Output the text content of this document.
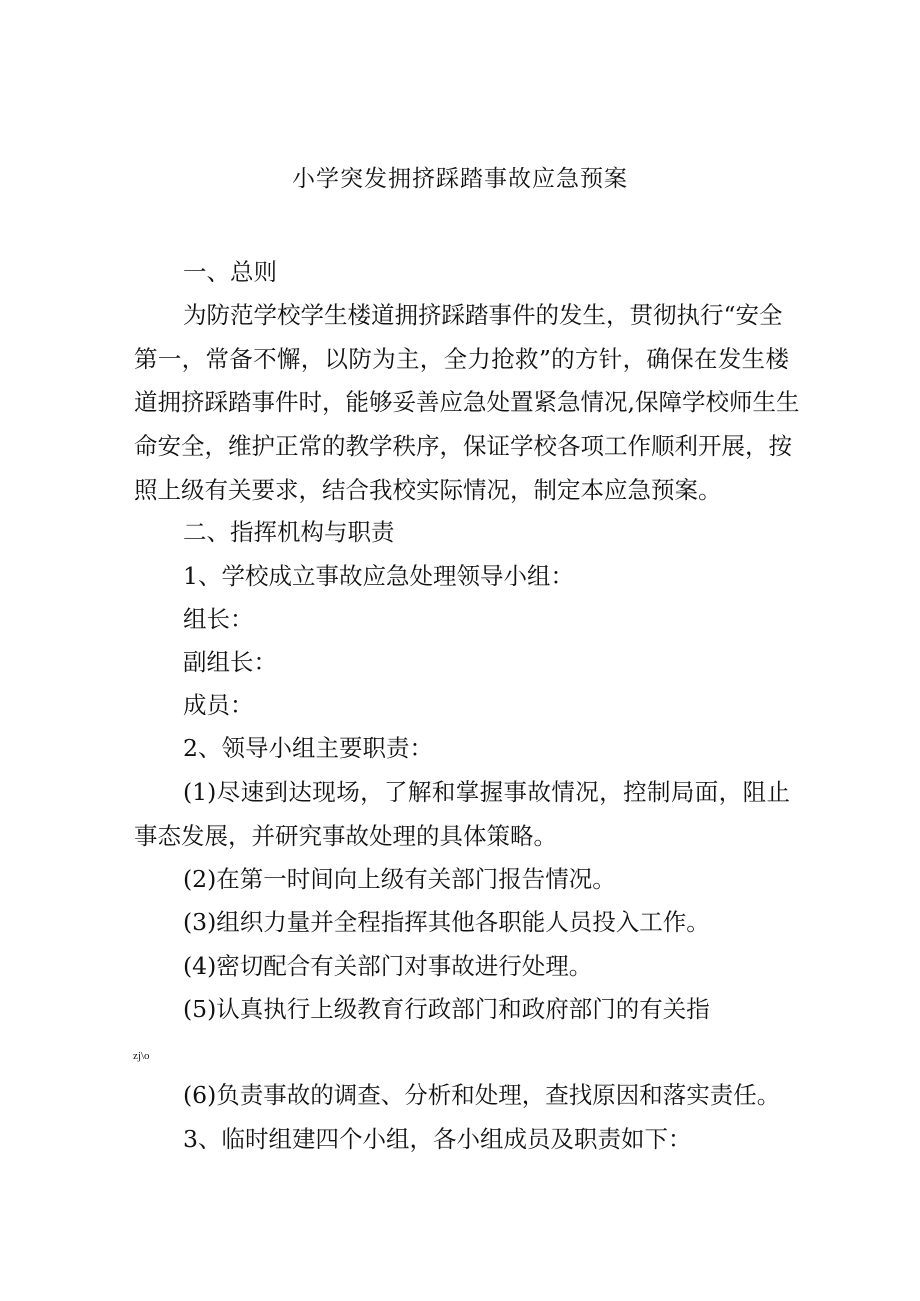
小学突发拥挤踩踏事故应急预案
一、总则
为防范学校学生楼道拥挤踩踏事件的发生，贯彻执行“安全
第一，常备不懈，以防为主，全力抢救”的方针，确保在发生楼
道拥挤踩踏事件时，能够妥善应急处置紧急情况,保障学校师生生
命安全，维护正常的教学秩序，保证学校各项工作顺利开展，按
照上级有关要求，结合我校实际情况，制定本应急预案。
二、指挥机构与职责
1、学校成立事故应急处理领导小组：
组长：
副组长：
成员：
2、领导小组主要职责：
(1)尽速到达现场，了解和掌握事故情况，控制局面，阻止
事态发展，并研究事故处理的具体策略。
(2)在第一时间向上级有关部门报告情况。
(3)组织力量并全程指挥其他各职能人员投入工作。
(4)密切配合有关部门对事故进行处理。
(5)认真执行上级教育行政部门和政府部门的有关指
zj\o
(6)负责事故的调查、分析和处理，查找原因和落实责任。
3、临时组建四个小组，各小组成员及职责如下：
